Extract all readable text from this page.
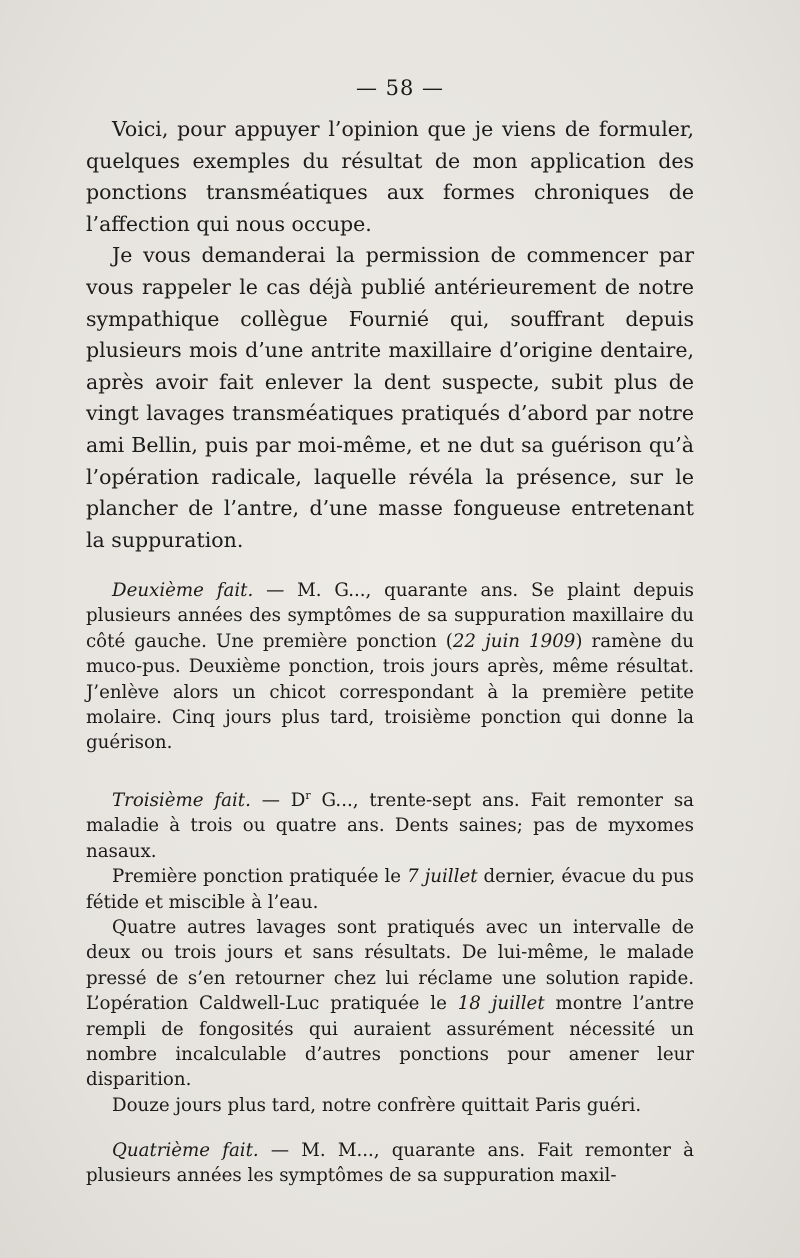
— 58 —

Voici, pour appuyer l’opinion que je viens de formuler, quelques exemples du résultat de mon application des ponctions transméatiques aux formes chroniques de l’affection qui nous occupe.

Je vous demanderai la permission de commencer par vous rappeler le cas déjà publié antérieurement de notre sympathique collègue Fournié qui, souffrant depuis plusieurs mois d’une antrite maxillaire d’origine dentaire, après avoir fait enlever la dent suspecte, subit plus de vingt lavages transméatiques pratiqués d’abord par notre ami Bellin, puis par moi-même, et ne dut sa guérison qu’à l’opération radicale, laquelle révéla la présence, sur le plancher de l’antre, d’une masse fongueuse entretenant la suppuration.

Deuxième fait. — M. G..., quarante ans. Se plaint depuis plusieurs années des symptômes de sa suppuration maxillaire du côté gauche. Une première ponction (22 juin 1909) ramène du muco-pus. Deuxième ponction, trois jours après, même résultat. J’enlève alors un chicot correspondant à la première petite molaire. Cinq jours plus tard, troisième ponction qui donne la guérison.

Troisième fait. — $D^r$ G..., trente-sept ans. Fait remonter sa maladie à trois ou quatre ans. Dents saines; pas de myxomes nasaux.

Première ponction pratiquée le 7 juillet dernier, évacue du pus fétide et miscible à l’eau.

Quatre autres lavages sont pratiqués avec un intervalle de deux ou trois jours et sans résultats. De lui-même, le malade pressé de s’en retourner chez lui réclame une solution rapide. L’opération Caldwell-Luc pratiquée le 18 juillet montre l’antre rempli de fongosités qui auraient assurément nécessité un nombre incalculable d’autres ponctions pour amener leur disparition.

Douze jours plus tard, notre confrère quittait Paris guéri.

Quatrième fait. — M. M..., quarante ans. Fait remonter à plusieurs années les symptômes de sa suppuration maxil-
